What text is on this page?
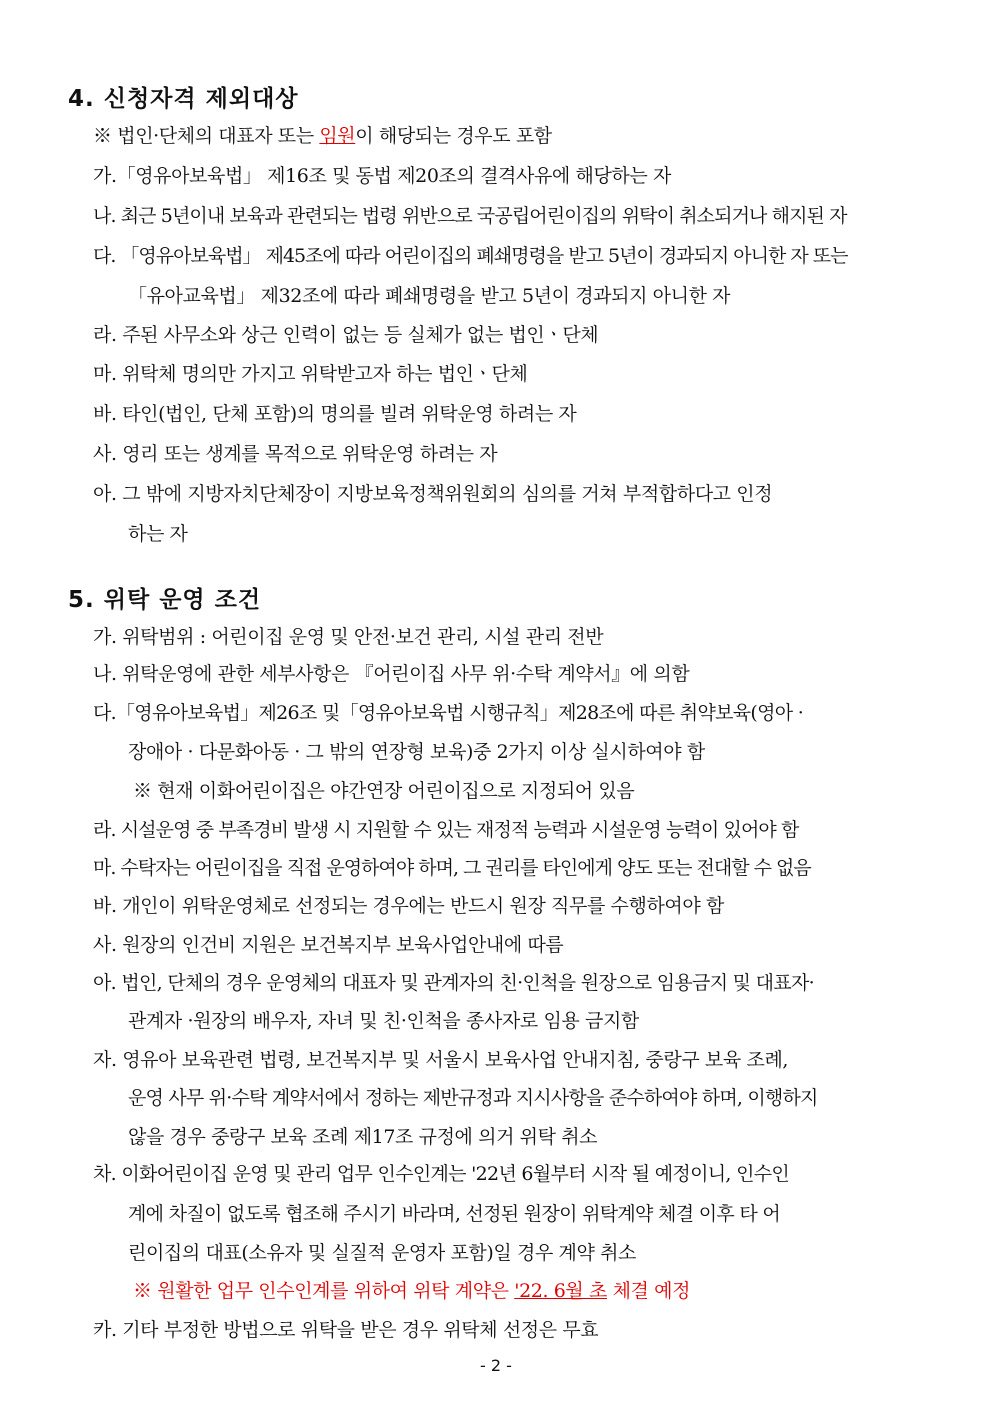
4. 신청자격 제외대상
※ 법인·단체의 대표자 또는 임원이 해당되는 경우도 포함
가.「영유아보육법」 제16조 및 동법 제20조의 결격사유에 해당하는 자
나. 최근 5년이내 보육과 관련되는 법령 위반으로 국공립어린이집의 위탁이 취소되거나 해지된 자
다. 「영유아보육법」 제45조에 따라 어린이집의 폐쇄명령을 받고 5년이 경과되지 아니한 자 또는
「유아교육법」 제32조에 따라 폐쇄명령을 받고 5년이 경과되지 아니한 자
라. 주된 사무소와 상근 인력이 없는 등 실체가 없는 법인ㆍ단체
마. 위탁체 명의만 가지고 위탁받고자 하는 법인ㆍ단체
바. 타인(법인, 단체 포함)의 명의를 빌려 위탁운영 하려는 자
사. 영리 또는 생계를 목적으로 위탁운영 하려는 자
아. 그 밖에 지방자치단체장이 지방보육정책위원회의 심의를 거쳐 부적합하다고 인정
하는 자
5. 위탁 운영 조건
가. 위탁범위 : 어린이집 운영 및 안전·보건 관리, 시설 관리 전반
나. 위탁운영에 관한 세부사항은 『어린이집 사무 위·수탁 계약서』에 의함
다.「영유아보육법」제26조 및「영유아보육법 시행규칙」제28조에 따른 취약보육(영아 ·
장애아 · 다문화아동 · 그 밖의 연장형 보육)중 2가지 이상 실시하여야 함
※ 현재 이화어린이집은 야간연장 어린이집으로 지정되어 있음
라. 시설운영 중 부족경비 발생 시 지원할 수 있는 재정적 능력과 시설운영 능력이 있어야 함
마. 수탁자는 어린이집을 직접 운영하여야 하며, 그 권리를 타인에게 양도 또는 전대할 수 없음
바. 개인이 위탁운영체로 선정되는 경우에는 반드시 원장 직무를 수행하여야 함
사. 원장의 인건비 지원은 보건복지부 보육사업안내에 따름
아. 법인, 단체의 경우 운영체의 대표자 및 관계자의 친·인척을 원장으로 임용금지 및 대표자·
관계자 ·원장의 배우자, 자녀 및 친·인척을 종사자로 임용 금지함
자. 영유아 보육관련 법령, 보건복지부 및 서울시 보육사업 안내지침, 중랑구 보육 조례,
운영 사무 위·수탁 계약서에서 정하는 제반규정과 지시사항을 준수하여야 하며, 이행하지
않을 경우 중랑구 보육 조례 제17조 규정에 의거 위탁 취소
차. 이화어린이집 운영 및 관리 업무 인수인계는 '22년 6월부터 시작 될 예정이니, 인수인
계에 차질이 없도록 협조해 주시기 바라며, 선정된 원장이 위탁계약 체결 이후 타 어
린이집의 대표(소유자 및 실질적 운영자 포함)일 경우 계약 취소
※ 원활한 업무 인수인계를 위하여 위탁 계약은 '22. 6월 초 체결 예정
카. 기타 부정한 방법으로 위탁을 받은 경우 위탁체 선정은 무효
- 2 -
